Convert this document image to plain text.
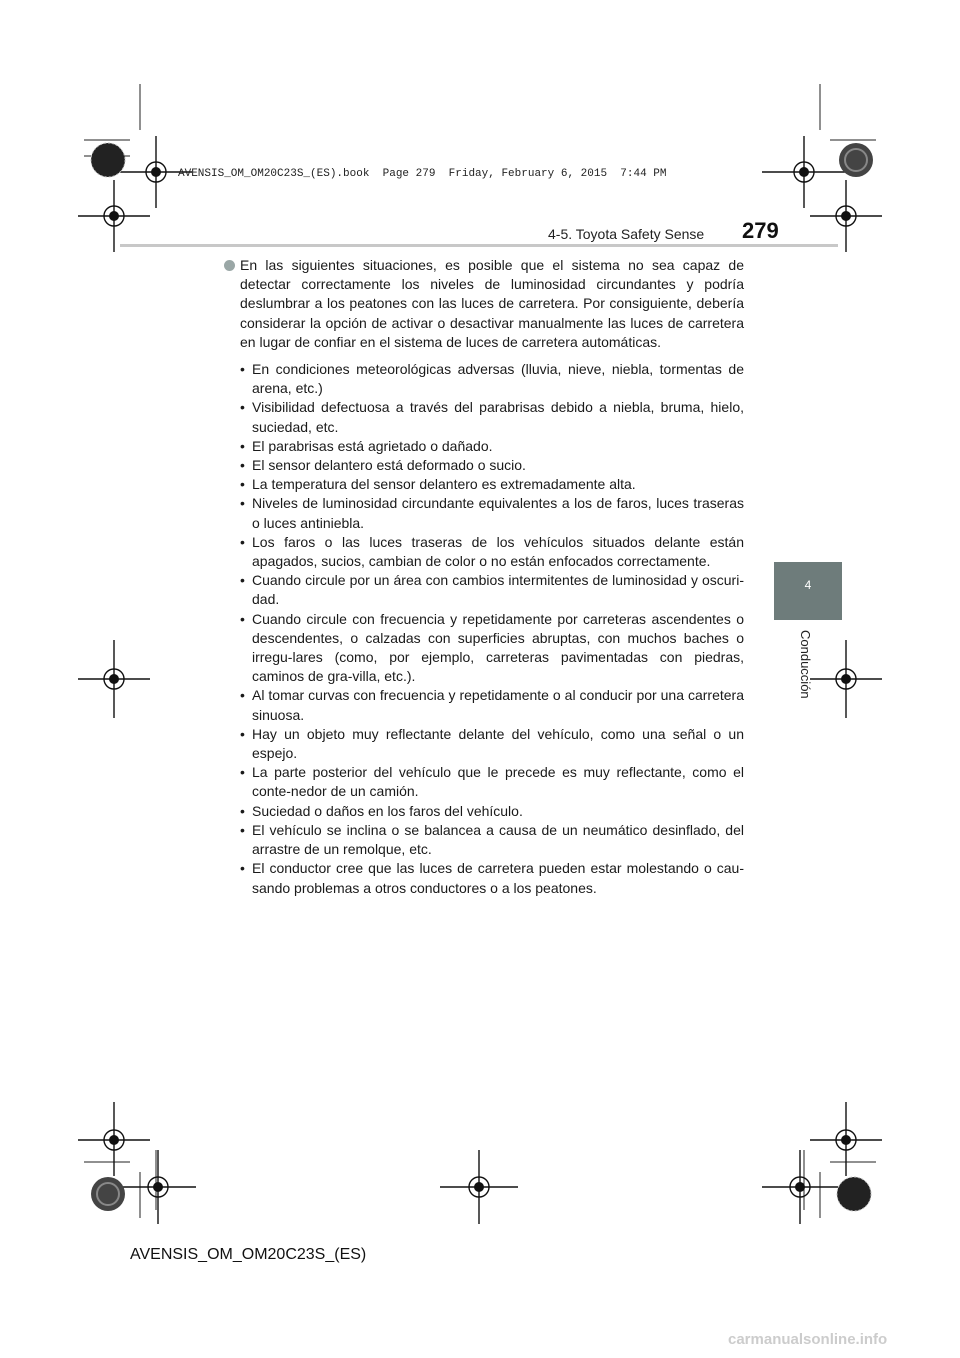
AVENSIS_OM_OM20C23S_(ES).book  Page 279  Friday, February 6, 2015  7:44 PM
4-5. Toyota Safety Sense 279
4
Conducción
En las siguientes situaciones, es posible que el sistema no sea capaz de detectar correctamente los niveles de luminosidad circundantes y podría deslumbrar a los peatones con las luces de carretera. Por consiguiente, debería considerar la opción de activar o desactivar manualmente las luces de carretera en lugar de confiar en el sistema de luces de carretera automáticas.
• En condiciones meteorológicas adversas (lluvia, nieve, niebla, tormentas de arena, etc.)
• Visibilidad defectuosa a través del parabrisas debido a niebla, bruma, hielo, suciedad, etc.
• El parabrisas está agrietado o dañado.
• El sensor delantero está deformado o sucio.
• La temperatura del sensor delantero es extremadamente alta.
• Niveles de luminosidad circundante equivalentes a los de faros, luces traseras o luces antiniebla.
• Los faros o las luces traseras de los vehículos situados delante están apagados, sucios, cambian de color o no están enfocados correctamente.
• Cuando circule por un área con cambios intermitentes de luminosidad y oscuri-dad.
• Cuando circule con frecuencia y repetidamente por carreteras ascendentes o descendentes, o calzadas con superficies abruptas, con muchos baches o irregu-lares (como, por ejemplo, carreteras pavimentadas con piedras, caminos de gra-villa, etc.).
• Al tomar curvas con frecuencia y repetidamente o al conducir por una carretera sinuosa.
• Hay un objeto muy reflectante delante del vehículo, como una señal o un espejo.
• La parte posterior del vehículo que le precede es muy reflectante, como el conte-nedor de un camión.
• Suciedad o daños en los faros del vehículo.
• El vehículo se inclina o se balancea a causa de un neumático desinflado, del arrastre de un remolque, etc.
• El conductor cree que las luces de carretera pueden estar molestando o cau-sando problemas a otros conductores o a los peatones.
AVENSIS_OM_OM20C23S_(ES)
carmanualsonline.info
